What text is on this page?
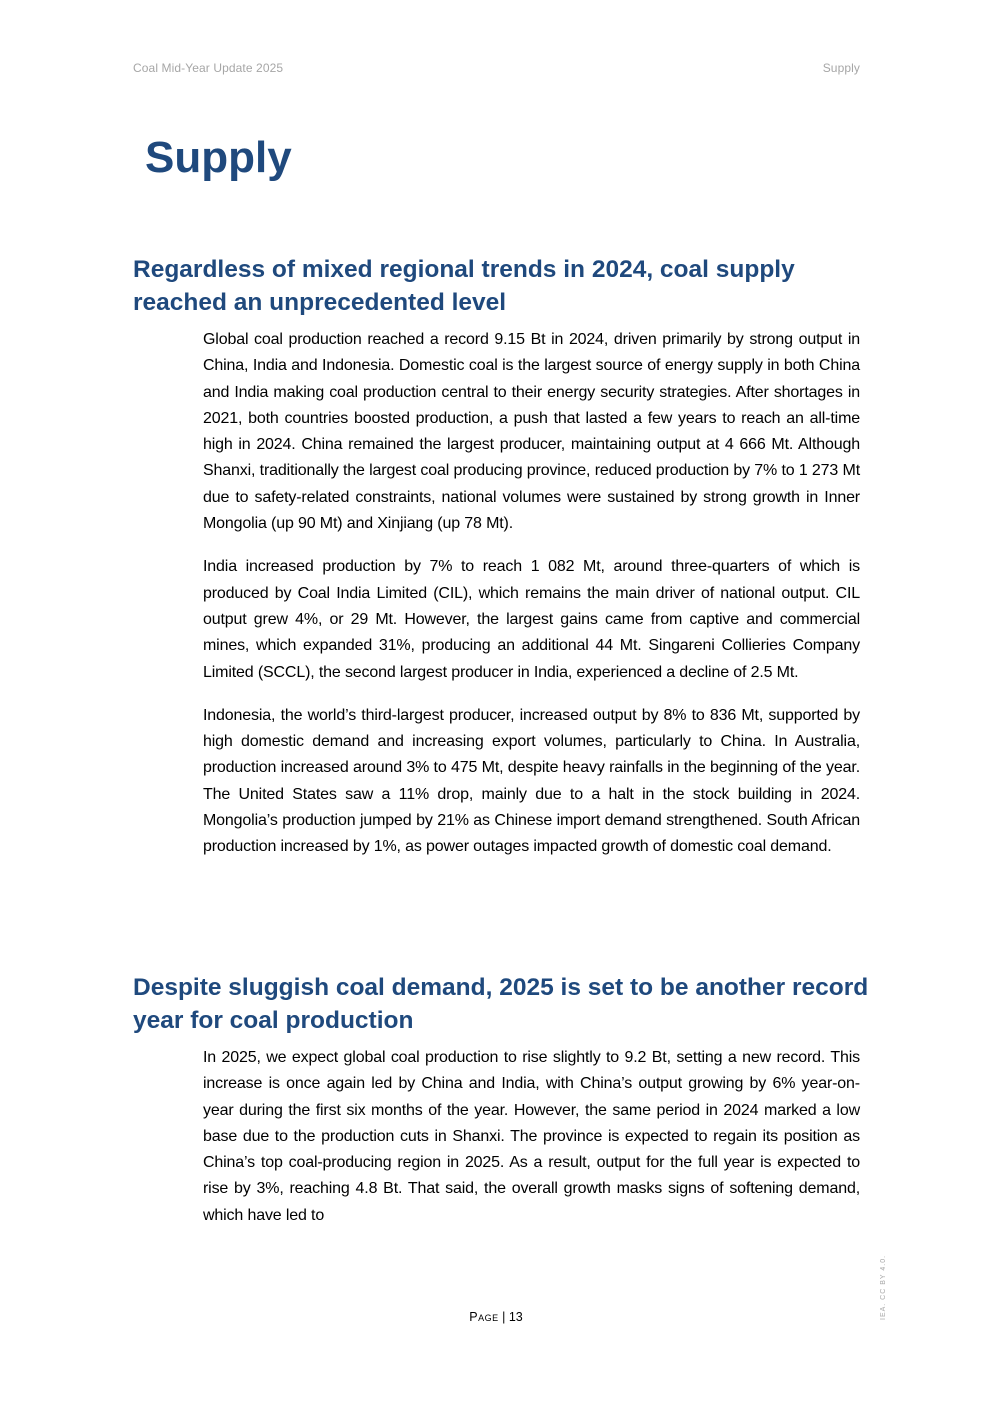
Coal Mid-Year Update 2025	Supply
Supply
Regardless of mixed regional trends in 2024, coal supply reached an unprecedented level

Global coal production reached a record 9.15 Bt in 2024, driven primarily by strong output in China, India and Indonesia. Domestic coal is the largest source of energy supply in both China and India making coal production central to their energy security strategies. After shortages in 2021, both countries boosted production, a push that lasted a few years to reach an all-time high in 2024. China remained the largest producer, maintaining output at 4 666 Mt. Although Shanxi, traditionally the largest coal producing province, reduced production by 7% to 1 273 Mt due to safety-related constraints, national volumes were sustained by strong growth in Inner Mongolia (up 90 Mt) and Xinjiang (up 78 Mt).

India increased production by 7% to reach 1 082 Mt, around three-quarters of which is produced by Coal India Limited (CIL), which remains the main driver of national output. CIL output grew 4%, or 29 Mt. However, the largest gains came from captive and commercial mines, which expanded 31%, producing an additional 44 Mt. Singareni Collieries Company Limited (SCCL), the second largest producer in India, experienced a decline of 2.5 Mt.

Indonesia, the world’s third-largest producer, increased output by 8% to 836 Mt, supported by high domestic demand and increasing export volumes, particularly to China. In Australia, production increased around 3% to 475 Mt, despite heavy rainfalls in the beginning of the year. The United States saw a 11% drop, mainly due to a halt in the stock building in 2024. Mongolia’s production jumped by 21% as Chinese import demand strengthened. South African production increased by 1%, as power outages impacted growth of domestic coal demand.

Despite sluggish coal demand, 2025 is set to be another record year for coal production

In 2025, we expect global coal production to rise slightly to 9.2 Bt, setting a new record. This increase is once again led by China and India, with China’s output growing by 6% year-on-year during the first six months of the year. However, the same period in 2024 marked a low base due to the production cuts in Shanxi. The province is expected to regain its position as China’s top coal-producing region in 2025. As a result, output for the full year is expected to rise by 3%, reaching 4.8 Bt. That said, the overall growth masks signs of softening demand, which have led to

Page | 13	IEA. CC BY 4.0.
